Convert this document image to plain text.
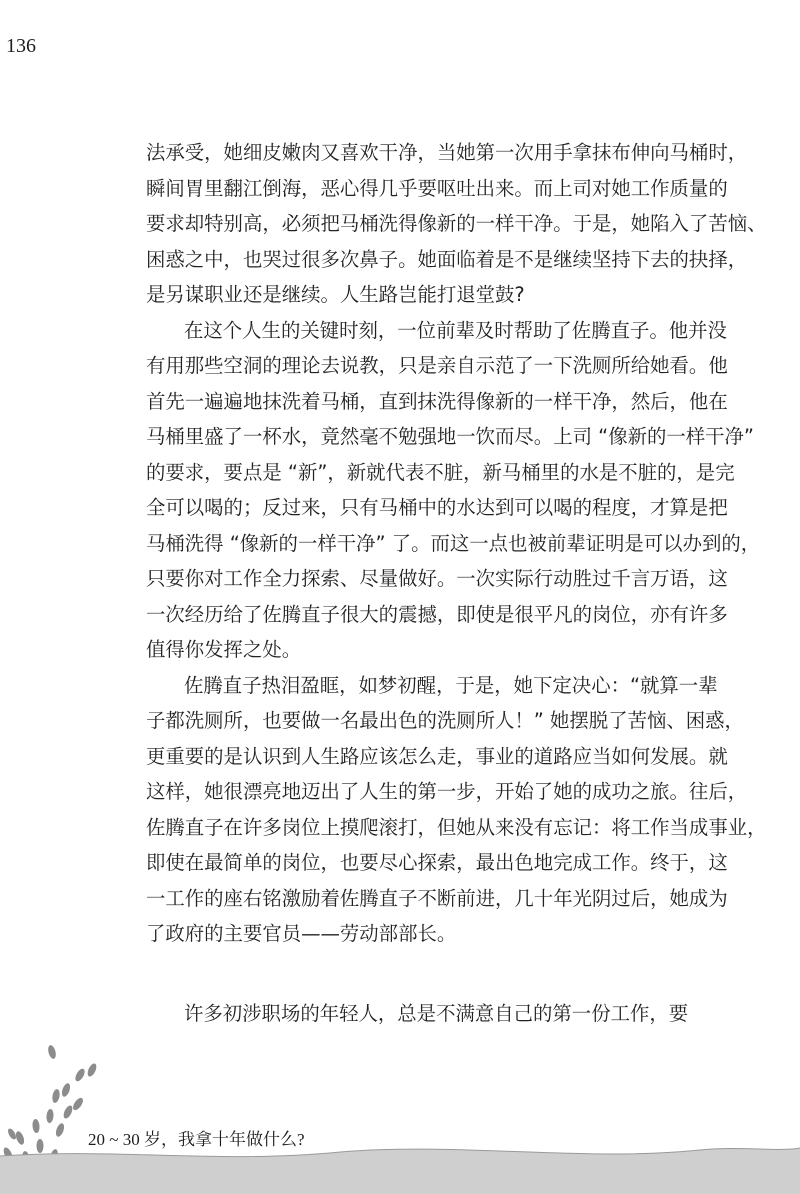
136
法承受，她细皮嫩肉又喜欢干净，当她第一次用手拿抹布伸向马桶时，
瞬间胃里翻江倒海，恶心得几乎要呕吐出来。而上司对她工作质量的
要求却特别高，必须把马桶洗得像新的一样干净。于是，她陷入了苦恼、
困惑之中，也哭过很多次鼻子。她面临着是不是继续坚持下去的抉择，
是另谋职业还是继续。人生路岂能打退堂鼓?
在这个人生的关键时刻，一位前辈及时帮助了佐腾直子。他并没
有用那些空洞的理论去说教，只是亲自示范了一下洗厕所给她看。他
首先一遍遍地抹洗着马桶，直到抹洗得像新的一样干净，然后，他在
马桶里盛了一杯水，竟然毫不勉强地一饮而尽。上司 “像新的一样干净”
的要求，要点是 “新”，新就代表不脏，新马桶里的水是不脏的，是完
全可以喝的；反过来，只有马桶中的水达到可以喝的程度，才算是把
马桶洗得 “像新的一样干净” 了。而这一点也被前辈证明是可以办到的，
只要你对工作全力探索、尽量做好。一次实际行动胜过千言万语，这
一次经历给了佐腾直子很大的震撼，即使是很平凡的岗位，亦有许多
值得你发挥之处。
佐腾直子热泪盈眶，如梦初醒，于是，她下定决心：“就算一辈
子都洗厕所，也要做一名最出色的洗厕所人！” 她摆脱了苦恼、困惑，
更重要的是认识到人生路应该怎么走，事业的道路应当如何发展。就
这样，她很漂亮地迈出了人生的第一步，开始了她的成功之旅。往后，
佐腾直子在许多岗位上摸爬滚打，但她从来没有忘记：将工作当成事业，
即使在最简单的岗位，也要尽心探索，最出色地完成工作。终于，这
一工作的座右铭激励着佐腾直子不断前进，几十年光阴过后，她成为
了政府的主要官员——劳动部部长。
许多初涉职场的年轻人，总是不满意自己的第一份工作，要
20 ~ 30 岁，我拿十年做什么?
